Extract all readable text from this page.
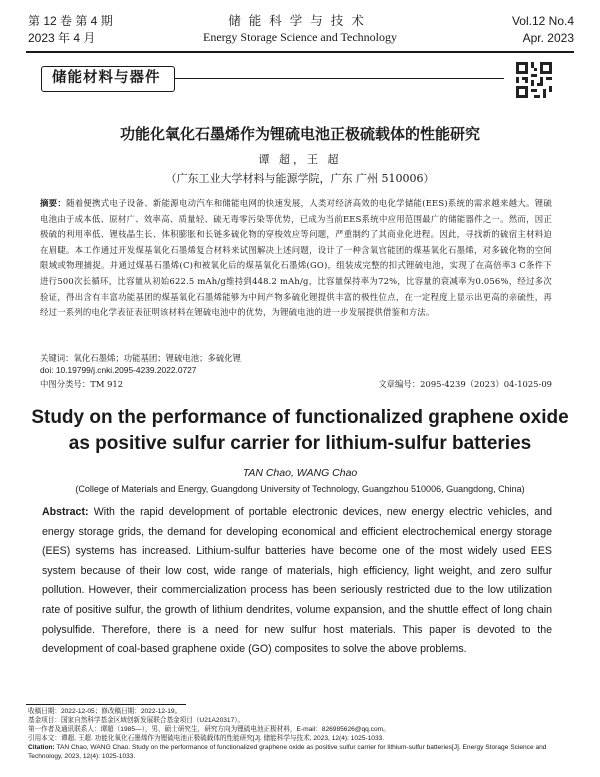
第 12 卷 第 4 期
2023 年 4 月
储能科学与技术
Energy Storage Science and Technology
Vol.12 No.4
Apr. 2023
储能材料与器件
功能化氧化石墨烯作为锂硫电池正极硫载体的性能研究
谭 超，王 超
（广东工业大学材料与能源学院，广东 广州 510006）
摘要：随着便携式电子设备、新能源电动汽车和储能电网的快速发展，人类对经济高效的电化学储能(EES)系统的需求越来越大。锂硫电池由于成本低、原材广、效率高、质量轻、硫无毒零污染等优势，已成为当前EES系统中应用范围最广的储能器件之一。然而，因正极硫的利用率低、锂枝晶生长、体积膨胀和长链多硫化物的穿梭效应等问题，严重制约了其商业化进程。因此，寻找新的硫宿主材料迫在眉睫。本工作通过开发煤基氧化石墨烯复合材料来试图解决上述问题，设计了一种含氧官能团的煤基氧化石墨烯，对多硫化物的空间限域或物理捕捉。并通过煤基石墨烯(C)和被氧化后的煤基氧化石墨烯(GO)，组装成完整的扣式锂硫电池，实现了在高倍率3 C条件下进行500次长循环，比容量从初始622.5 mAh/g维持到448.2 mAh/g，比容量保持率为72%，比容量的衰减率为0.056%，经过多次验证，得出含有丰富功能基团的煤基氧化石墨烯能够为中间产物多硫化锂提供丰富的极性位点，在一定程度上显示出更高的亲硫性，再经过一系列的电化学表征表征明该材料在锂硫电池中的优势，为锂硫电池的进一步发展提供借鉴和方法。
关键词：氧化石墨烯；功能基团；锂硫电池；多硫化锂
doi: 10.19799/j.cnki.2095-4239.2022.0727
中图分类号：TM 912	文章编号：2095-4239（2023）04-1025-09
Study on the performance of functionalized graphene oxide as positive sulfur carrier for lithium-sulfur batteries
TAN Chao, WANG Chao
(College of Materials and Energy, Guangdong University of Technology, Guangzhou 510006, Guangdong, China)
Abstract: With the rapid development of portable electronic devices, new energy electric vehicles, and energy storage grids, the demand for developing economical and efficient electrochemical energy storage (EES) systems has increased. Lithium-sulfur batteries have become one of the most widely used EES system because of their low cost, wide range of materials, high efficiency, light weight, and zero sulfur pollution. However, their commercialization process has been seriously restricted due to the low utilization rate of positive sulfur, the growth of lithium dendrites, volume expansion, and the shuttle effect of long chain polysulfide. Therefore, there is a need for new sulfur host materials. This paper is devoted to the development of coal-based graphene oxide (GO) composites to solve the above problems.
收稿日期：2022-12-05；修改稿日期：2022-12-19。
基金项目：国家自然科学基金区域创新发展联合基金项目（U21A20317）。
第一作者及通讯联系人：谭超（1985—），男，硕士研究生，研究方向为锂硫电池正极材料，E-mail：826985626@qq.com。
引用本文：谭超, 王超. 功能化氧化石墨烯作为锂硫电池正极硫载体的性能研究[J]. 储能科学与技术, 2023, 12(4): 1025-1033.
Citation: TAN Chao, WANG Chao. Study on the performance of functionalized graphene oxide as positive sulfur carrier for lithium-sulfur batteries[J]. Energy Storage Science and Technology, 2023, 12(4): 1025-1033.
